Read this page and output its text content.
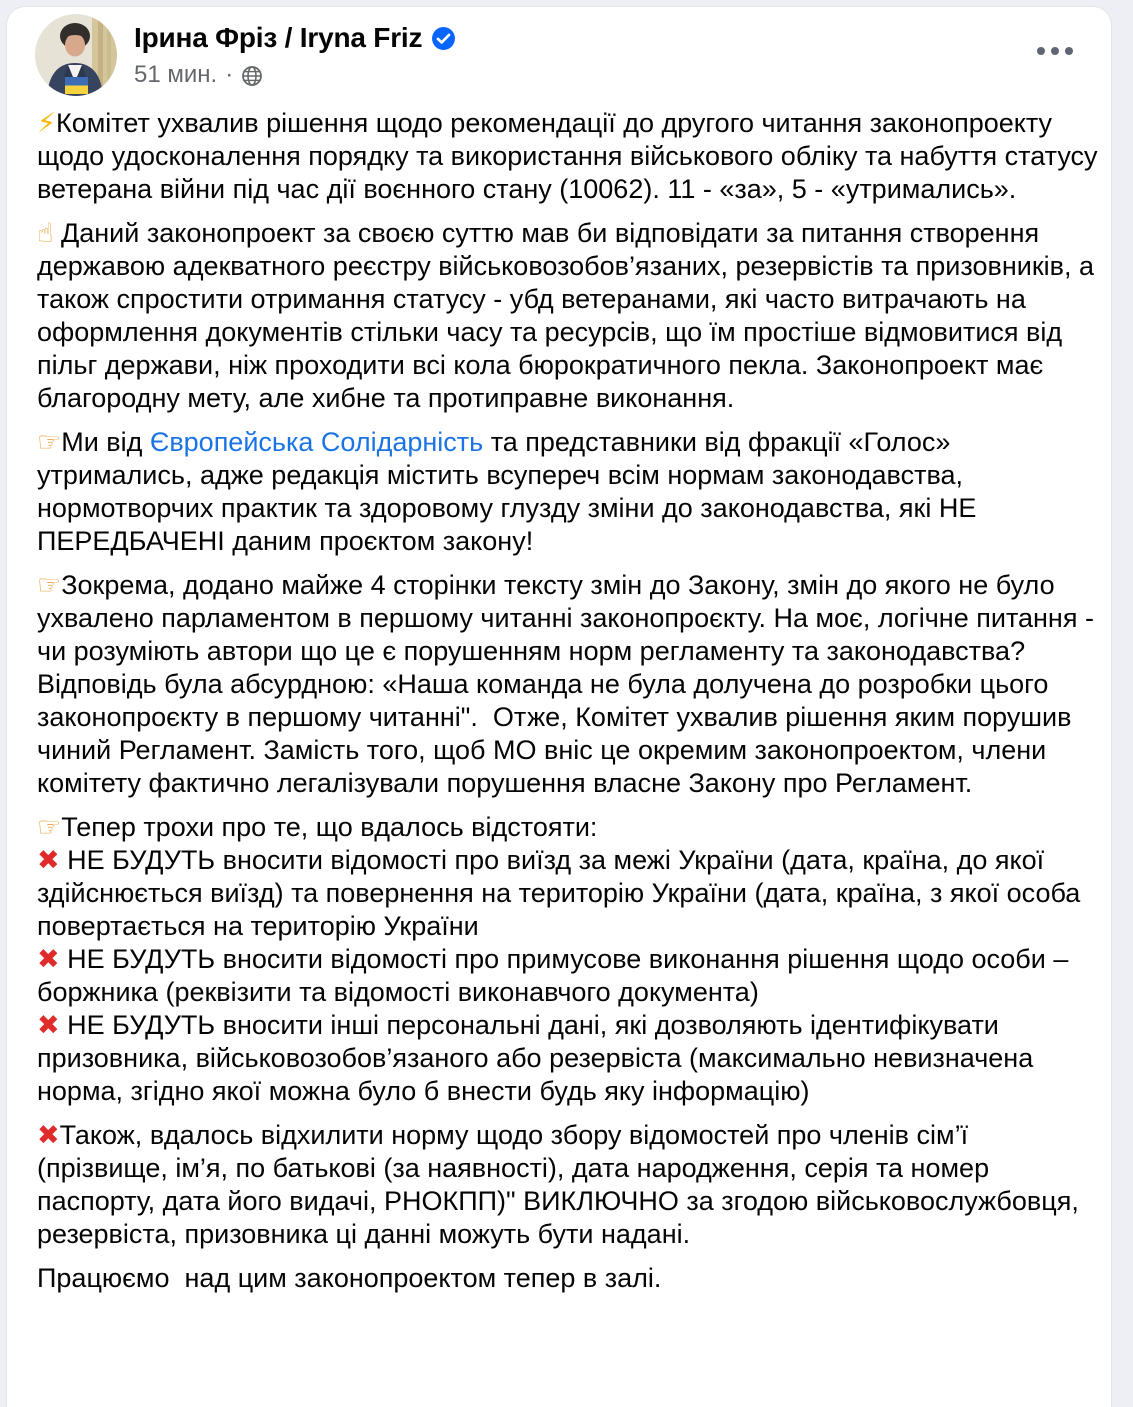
Ірина Фріз / Iryna Friz
51 мин. ·

⚡Комітет ухвалив рішення щодо рекомендації до другого читання законопроекту щодо удосконалення порядку та використання військового обліку та набуття статусу ветерана війни під час дії воєнного стану (10062). 11 - «за», 5 - «утримались».

☝ Даний законопроект за своєю суттю мав би відповідати за питання створення державою адекватного реєстру військовозобов’язаних, резервістів та призовників, а також спростити отримання статусу - убд ветеранами, які часто витрачають на оформлення документів стільки часу та ресурсів, що їм простіше відмовитися від пільг держави, ніж проходити всі кола бюрократичного пекла. Законопроект має благородну мету, але хибне та протиправне виконання.

☞Ми від Європейська Солідарність та представники від фракції «Голос» утримались, адже редакція містить всупереч всім нормам законодавства, нормотворчих практик та здоровому глузду зміни до законодавства, які НЕ ПЕРЕДБАЧЕНІ даним проєктом закону!

☞Зокрема, додано майже 4 сторінки тексту змін до Закону, змін до якого не було ухвалено парламентом в першому читанні законопроєкту. На моє, логічне питання - чи розуміють автори що це є порушенням норм регламенту та законодавства? Відповідь була абсурдною: «Наша команда не була долучена до розробки цього законопроєкту в першому читанні".  Отже, Комітет ухвалив рішення яким порушив чиний Регламент. Замість того, щоб МО вніс це окремим законопроектом, члени комітету фактично легалізували порушення власне Закону про Регламент.

☞Тепер трохи про те, що вдалось відстояти:
✖ НЕ БУДУТЬ вносити відомості про виїзд за межі України (дата, країна, до якої здійснюється виїзд) та повернення на територію України (дата, країна, з якої особа повертається на територію України
✖ НЕ БУДУТЬ вносити відомості про примусове виконання рішення щодо особи – боржника (реквізити та відомості виконавчого документа)
✖ НЕ БУДУТЬ вносити інші персональні дані, які дозволяють ідентифікувати призовника, військовозобов’язаного або резервіста (максимально невизначена норма, згідно якої можна було б внести будь яку інформацію)

✖Також, вдалось відхилити норму щодо збору відомостей про членів сім’ї (прізвище, ім’я, по батькові (за наявності), дата народження, серія та номер паспорту, дата його видачі, РНОКПП)" ВИКЛЮЧНО за згодою військовослужбовця, резервіста, призовника ці данні можуть бути надані.

Працюємо  над цим законопроектом тепер в залі.
